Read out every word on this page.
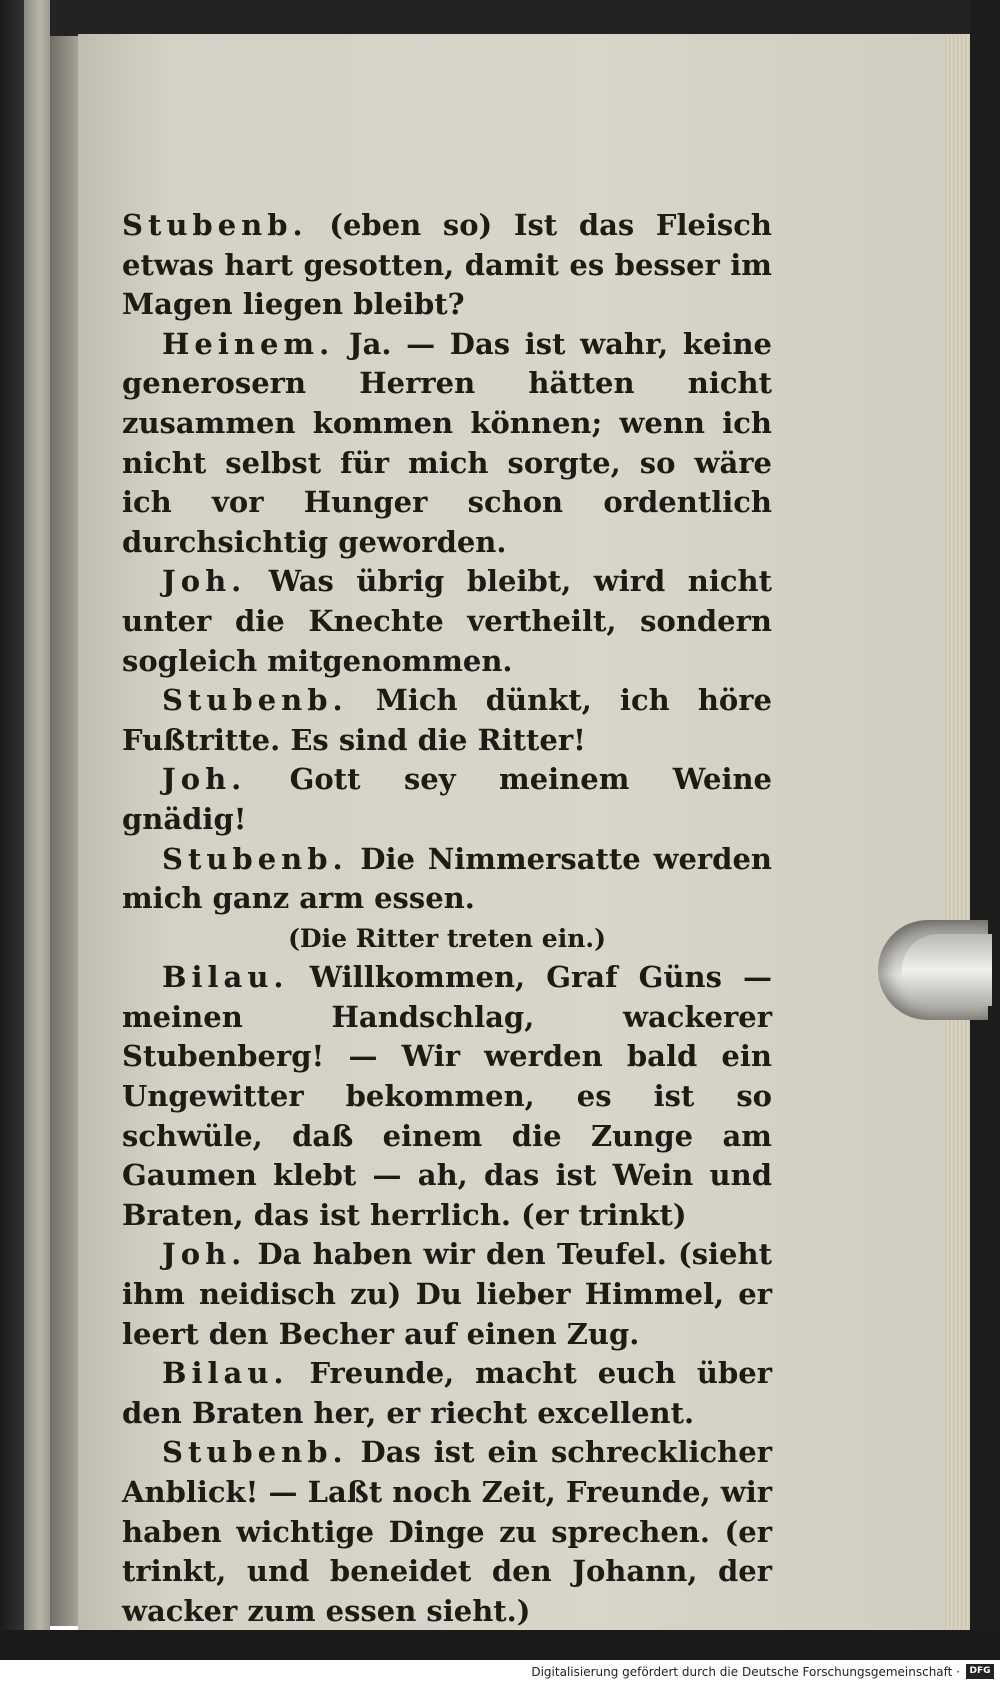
Stubenb. (eben so) Ist das Fleisch etwas hart gesotten, damit es besser im Magen liegen bleibt?

Heinem. Ja. — Das ist wahr, keine generosern Herren hätten nicht zusammen kommen können; wenn ich nicht selbst für mich sorgte, so wäre ich vor Hunger schon ordentlich durchsichtig geworden.

Joh. Was übrig bleibt, wird nicht unter die Knechte vertheilt, sondern sogleich mitgenommen.

Stubenb. Mich dünkt, ich höre Fußtritte. Es sind die Ritter!

Joh. Gott sey meinem Weine gnädig!

Stubenb. Die Nimmersatte werden mich ganz arm essen.

(Die Ritter treten ein.)

Bilau. Willkommen, Graf Güns — meinen Handschlag, wackerer Stubenberg! — Wir werden bald ein Ungewitter bekommen, es ist so schwüle, daß einem die Zunge am Gaumen klebt — ah, das ist Wein und Braten, das ist herrlich. (er trinkt)

Joh. Da haben wir den Teufel. (sieht ihm neidisch zu) Du lieber Himmel, er leert den Becher auf einen Zug.

Bilau. Freunde, macht euch über den Braten her, er riecht excellent.

Stubenb. Das ist ein schrecklicher Anblick! — Laßt noch Zeit, Freunde, wir haben wichtige Dinge zu sprechen. (er trinkt, und beneidet den Johann, der wacker zum essen sieht.)

Digitalisierung gefördert durch die Deutsche Forschungsgemeinschaft ·	DFG
